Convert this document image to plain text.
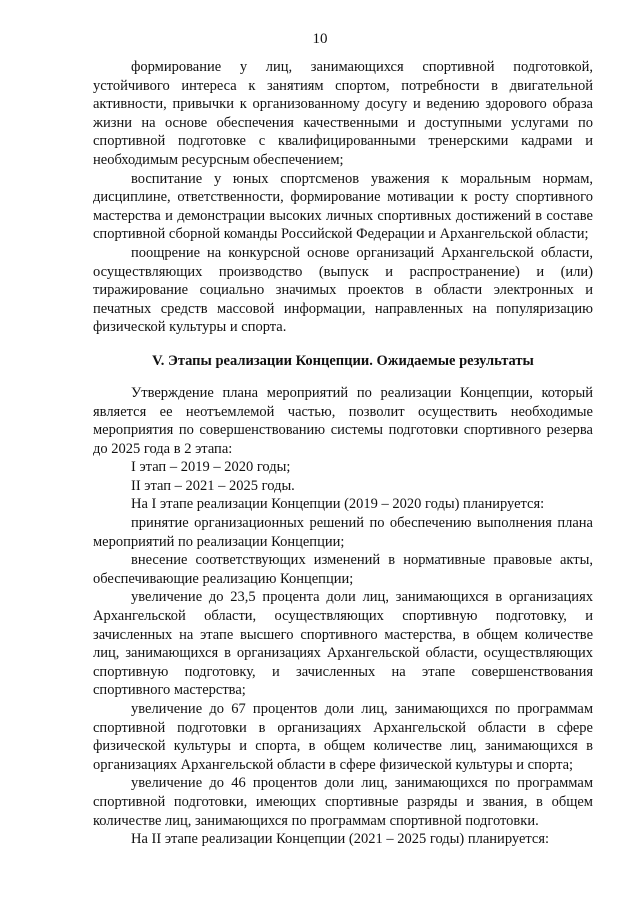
10

формирование у лиц, занимающихся спортивной подготовкой, устойчивого интереса к занятиям спортом, потребности в двигательной активности, привычки к организованному досугу и ведению здорового образа жизни на основе обеспечения качественными и доступными услугами по спортивной подготовке с квалифицированными тренерскими кадрами и необходимым ресурсным обеспечением;

воспитание у юных спортсменов уважения к моральным нормам, дисциплине, ответственности, формирование мотивации к росту спортивного мастерства и демонстрации высоких личных спортивных достижений в составе спортивной сборной команды Российской Федерации и Архангельской области;

поощрение на конкурсной основе организаций Архангельской области, осуществляющих производство (выпуск и распространение) и (или) тиражирование социально значимых проектов в области электронных и печатных средств массовой информации, направленных на популяризацию физической культуры и спорта.

V. Этапы реализации Концепции. Ожидаемые результаты

Утверждение плана мероприятий по реализации Концепции, который является ее неотъемлемой частью, позволит осуществить необходимые мероприятия по совершенствованию системы подготовки спортивного резерва до 2025 года в 2 этапа:

I этап – 2019 – 2020 годы;

II этап – 2021 – 2025 годы.

На I этапе реализации Концепции (2019 – 2020 годы) планируется:

принятие организационных решений по обеспечению выполнения плана мероприятий по реализации Концепции;

внесение соответствующих изменений в нормативные правовые акты, обеспечивающие реализацию Концепции;

увеличение до 23,5 процента доли лиц, занимающихся в организациях Архангельской области, осуществляющих спортивную подготовку, и зачисленных на этапе высшего спортивного мастерства, в общем количестве лиц, занимающихся в организациях Архангельской области, осуществляющих спортивную подготовку, и зачисленных на этапе совершенствования спортивного мастерства;

увеличение до 67 процентов доли лиц, занимающихся по программам спортивной подготовки в организациях Архангельской области в сфере физической культуры и спорта, в общем количестве лиц, занимающихся в организациях Архангельской области в сфере физической культуры и спорта;

увеличение до 46 процентов доли лиц, занимающихся по программам спортивной подготовки, имеющих спортивные разряды и звания, в общем количестве лиц, занимающихся по программам спортивной подготовки.

На II этапе реализации Концепции (2021 – 2025 годы) планируется:
